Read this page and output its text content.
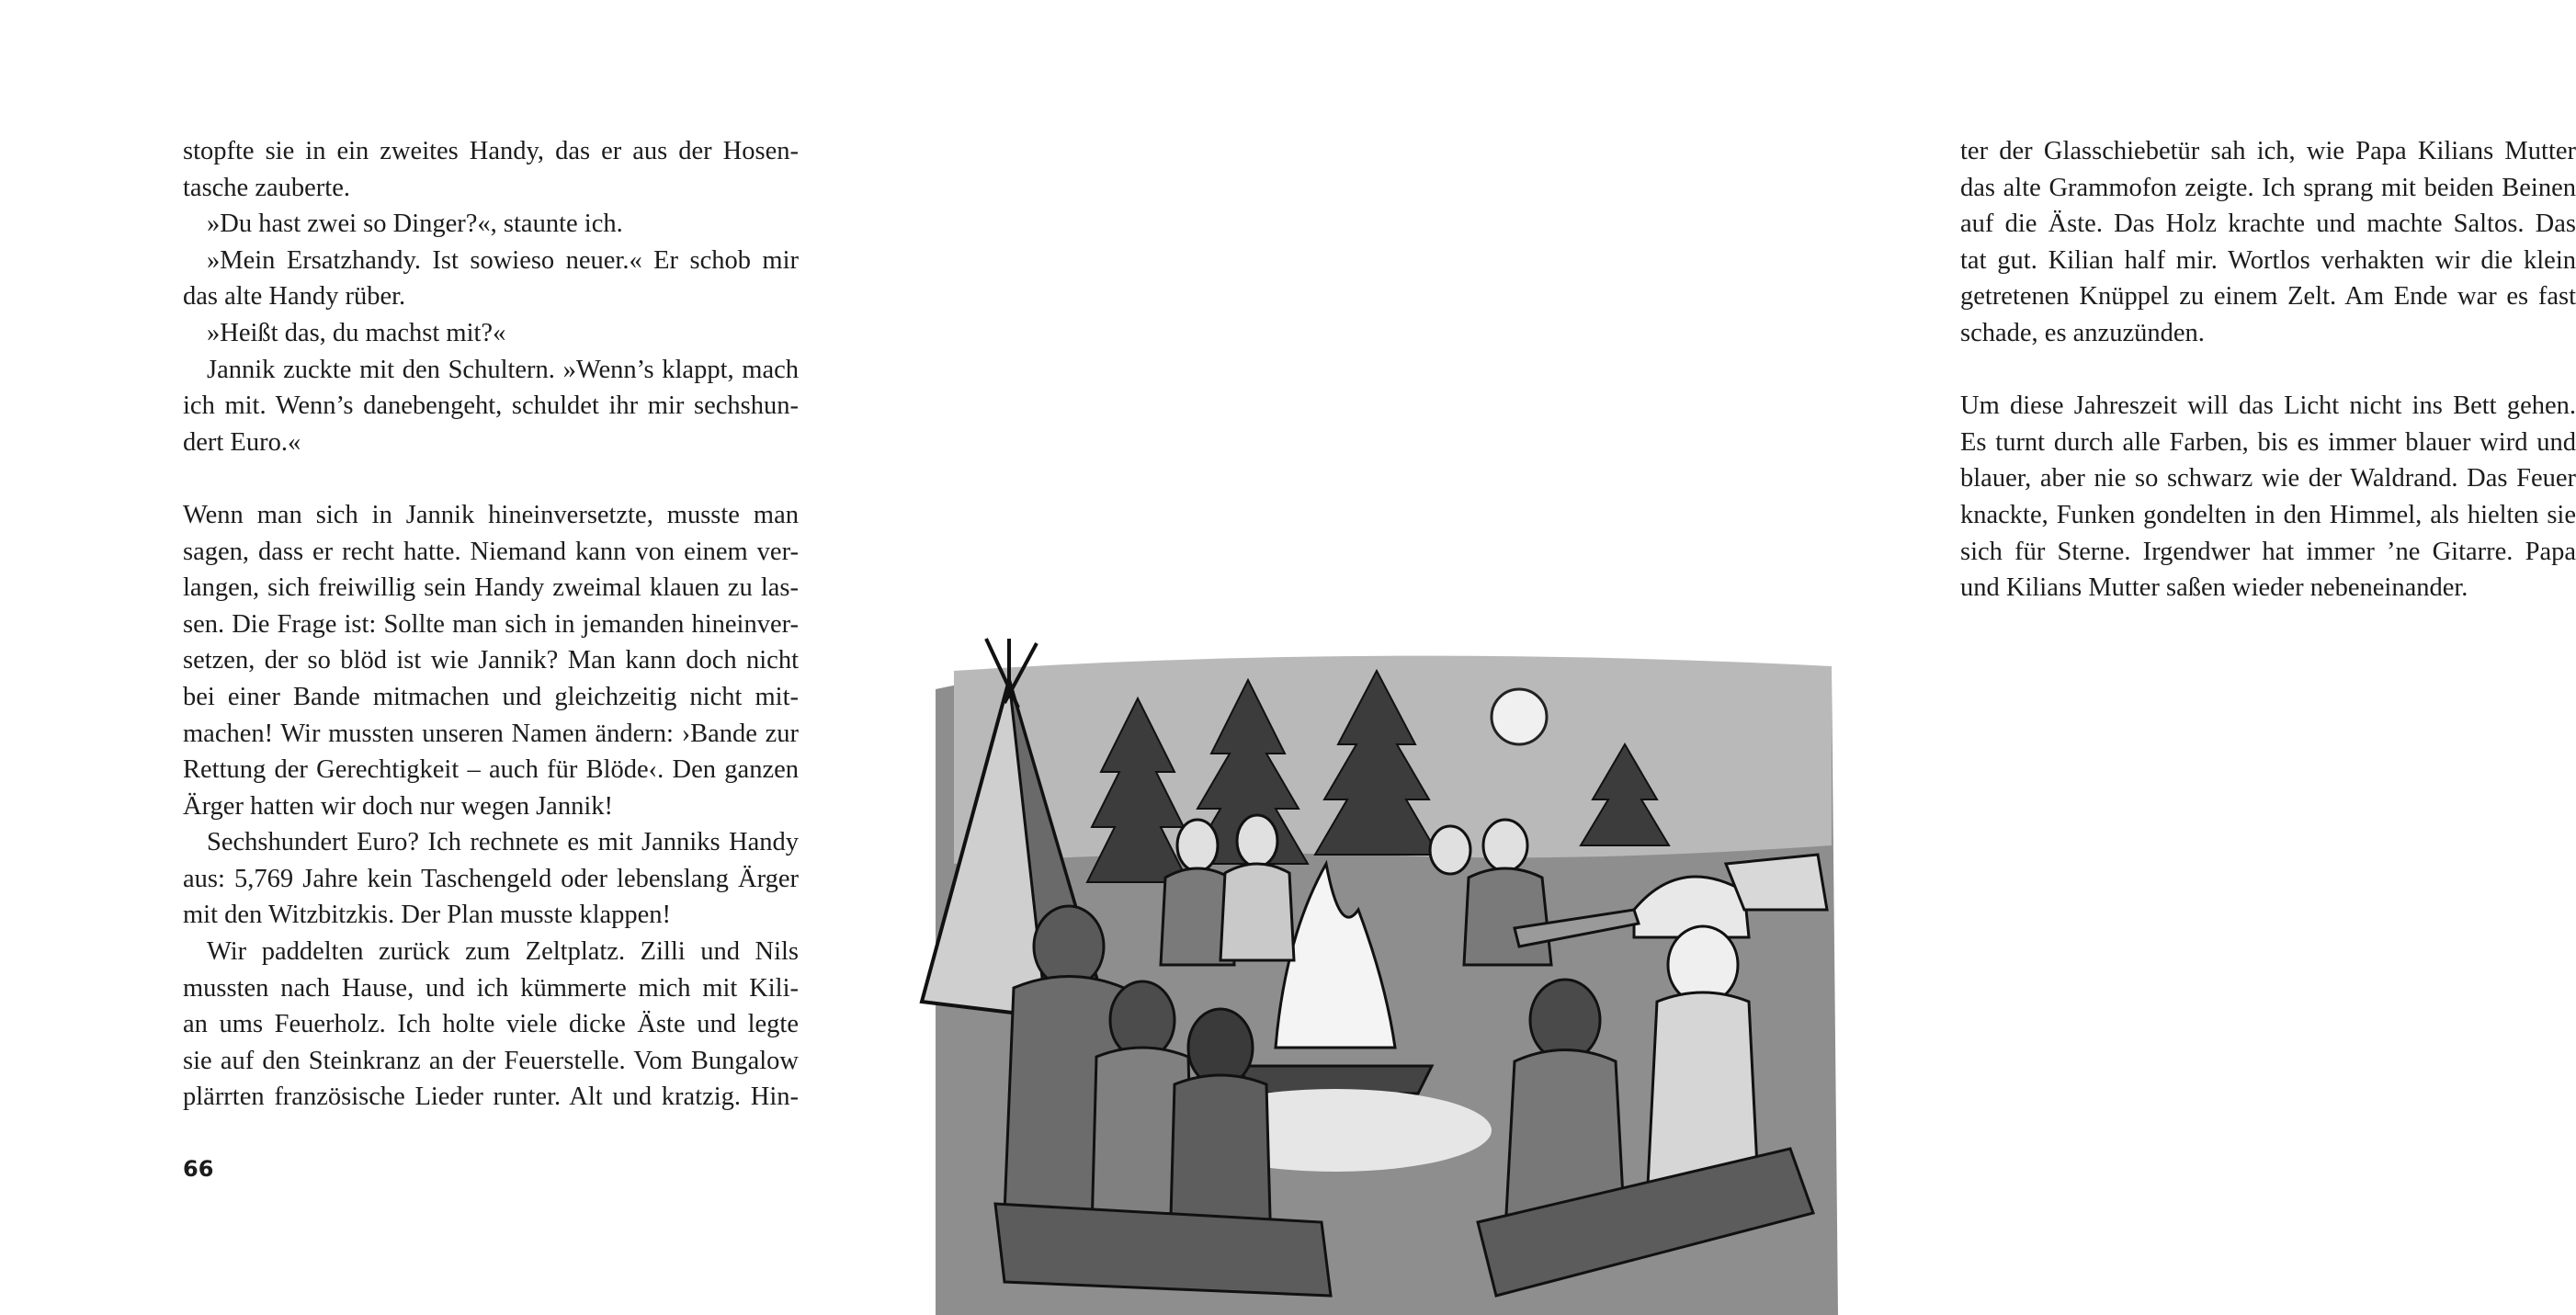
stopfte sie in ein zweites Handy, das er aus der Hosen-
tasche zauberte.
»Du hast zwei so Dinger?«, staunte ich.
»Mein Ersatzhandy. Ist sowieso neuer.« Er schob mir
das alte Handy rüber.
»Heißt das, du machst mit?«
Jannik zuckte mit den Schultern. »Wenn’s klappt, mach
ich mit. Wenn’s danebengeht, schuldet ihr mir sechshun-
dert Euro.«
Wenn man sich in Jannik hineinversetzte, musste man
sagen, dass er recht hatte. Niemand kann von einem ver-
langen, sich freiwillig sein Handy zweimal klauen zu las-
sen. Die Frage ist: Sollte man sich in jemanden hineinver-
setzen, der so blöd ist wie Jannik? Man kann doch nicht
bei einer Bande mitmachen und gleichzeitig nicht mit-
machen! Wir mussten unseren Namen ändern: ›Bande zur
Rettung der Gerechtigkeit – auch für Blöde‹. Den ganzen
Ärger hatten wir doch nur wegen Jannik!
Sechshundert Euro? Ich rechnete es mit Janniks Handy
aus: 5,769 Jahre kein Taschengeld oder lebenslang Ärger
mit den Witzbitzkis. Der Plan musste klappen!
Wir paddelten zurück zum Zeltplatz. Zilli und Nils
mussten nach Hause, und ich kümmerte mich mit Kili-
an ums Feuerholz. Ich holte viele dicke Äste und legte
sie auf den Steinkranz an der Feuerstelle. Vom Bungalow
plärrten französische Lieder runter. Alt und kratzig. Hin-
66
ter der Glasschiebetür sah ich, wie Papa Kilians Mutter
das alte Grammofon zeigte. Ich sprang mit beiden Beinen
auf die Äste. Das Holz krachte und machte Saltos. Das
tat gut. Kilian half mir. Wortlos verhakten wir die klein
getretenen Knüppel zu einem Zelt. Am Ende war es fast
schade, es anzuzünden.
Um diese Jahreszeit will das Licht nicht ins Bett gehen.
Es turnt durch alle Farben, bis es immer blauer wird und
blauer, aber nie so schwarz wie der Waldrand. Das Feuer
knackte, Funken gondelten in den Himmel, als hielten sie
sich für Sterne. Irgendwer hat immer ’ne Gitarre. Papa
und Kilians Mutter saßen wieder nebeneinander.
